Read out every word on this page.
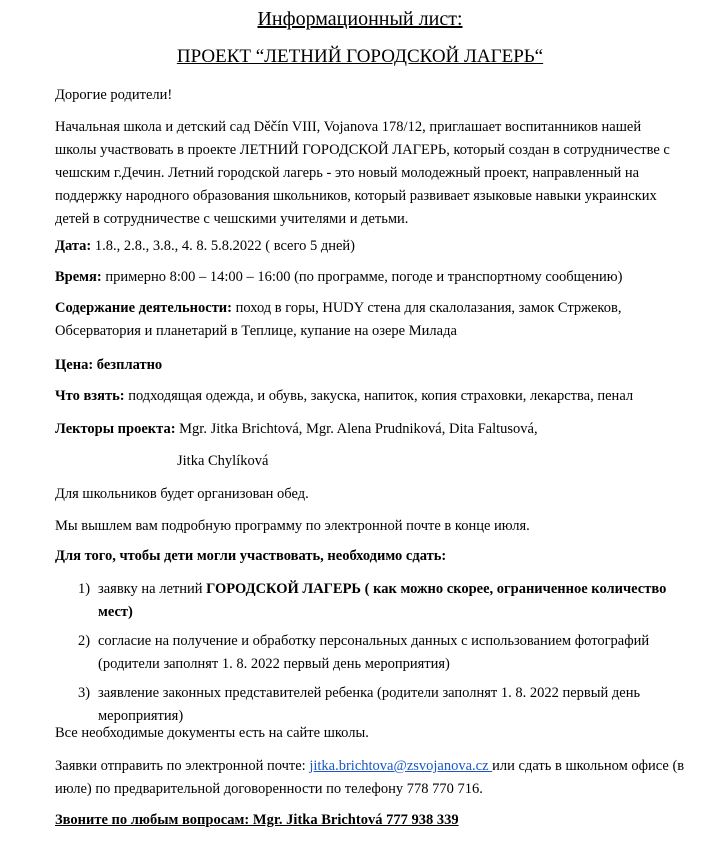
Информационный лист:
ПРОЕКТ “ЛЕТНИЙ ГОРОДСКОЙ ЛАГЕРЬ“

Дорогие родители!

Начальная школа и детский сад Děčín VIII, Vojanova 178/12, приглашает воспитанников нашей школы участвовать в проекте ЛЕТНИЙ ГОРОДСКОЙ ЛАГЕРЬ, который создан в сотрудничестве с чешским г.Дечин. Летний городской лагерь - это новый молодежный проект, направленный на поддержку народного образования школьников, который развивает языковые навыки украинских детей в сотрудничестве с чешскими учителями и детьми.

Дата: 1.8., 2.8., 3.8., 4. 8. 5.8.2022 ( всего 5 дней)

Время: примерно 8:00 – 14:00 – 16:00 (по программе, погоде и транспортному сообщению)

Содержание деятельности: поход в горы, HUDY стена для скалолазания, замок Стржеков, Обсерватория и планетарий в Теплице, купание на озере Милада

Цена: безплатно

Что взять: подходящая одежда, и обувь, закуска, напиток, копия страховки, лекарства, пенал

Лекторы проекта: Mgr. Jitka Brichtová, Mgr. Alena Prudniková, Dita Faltusová,

Jitka Chylíková

Для школьников будет организован обед.

Мы вышлем вам подробную программу по электронной почте в конце июля.

Для того, чтобы дети могли участвовать, необходимо сдать:

1) заявку на летний ГОРОДСКОЙ ЛАГЕРЬ ( как можно скорее, ограниченное количество мест)
2) согласие на получение и обработку персональных данных с использованием фотографий (родители заполнят 1. 8. 2022 первый день мероприятия)
3) заявление законных представителей ребенка (родители заполнят 1. 8. 2022 первый день мероприятия)

Все необходимые документы есть на сайте школы.

Заявки отправить по электронной почте: jitka.brichtova@zsvojanova.cz или сдать в школьном офисе (в июле) по предварительной договоренности по телефону 778 770 716.

Звоните по любым вопросам: Mgr. Jitka Brichtová 777 938 339
